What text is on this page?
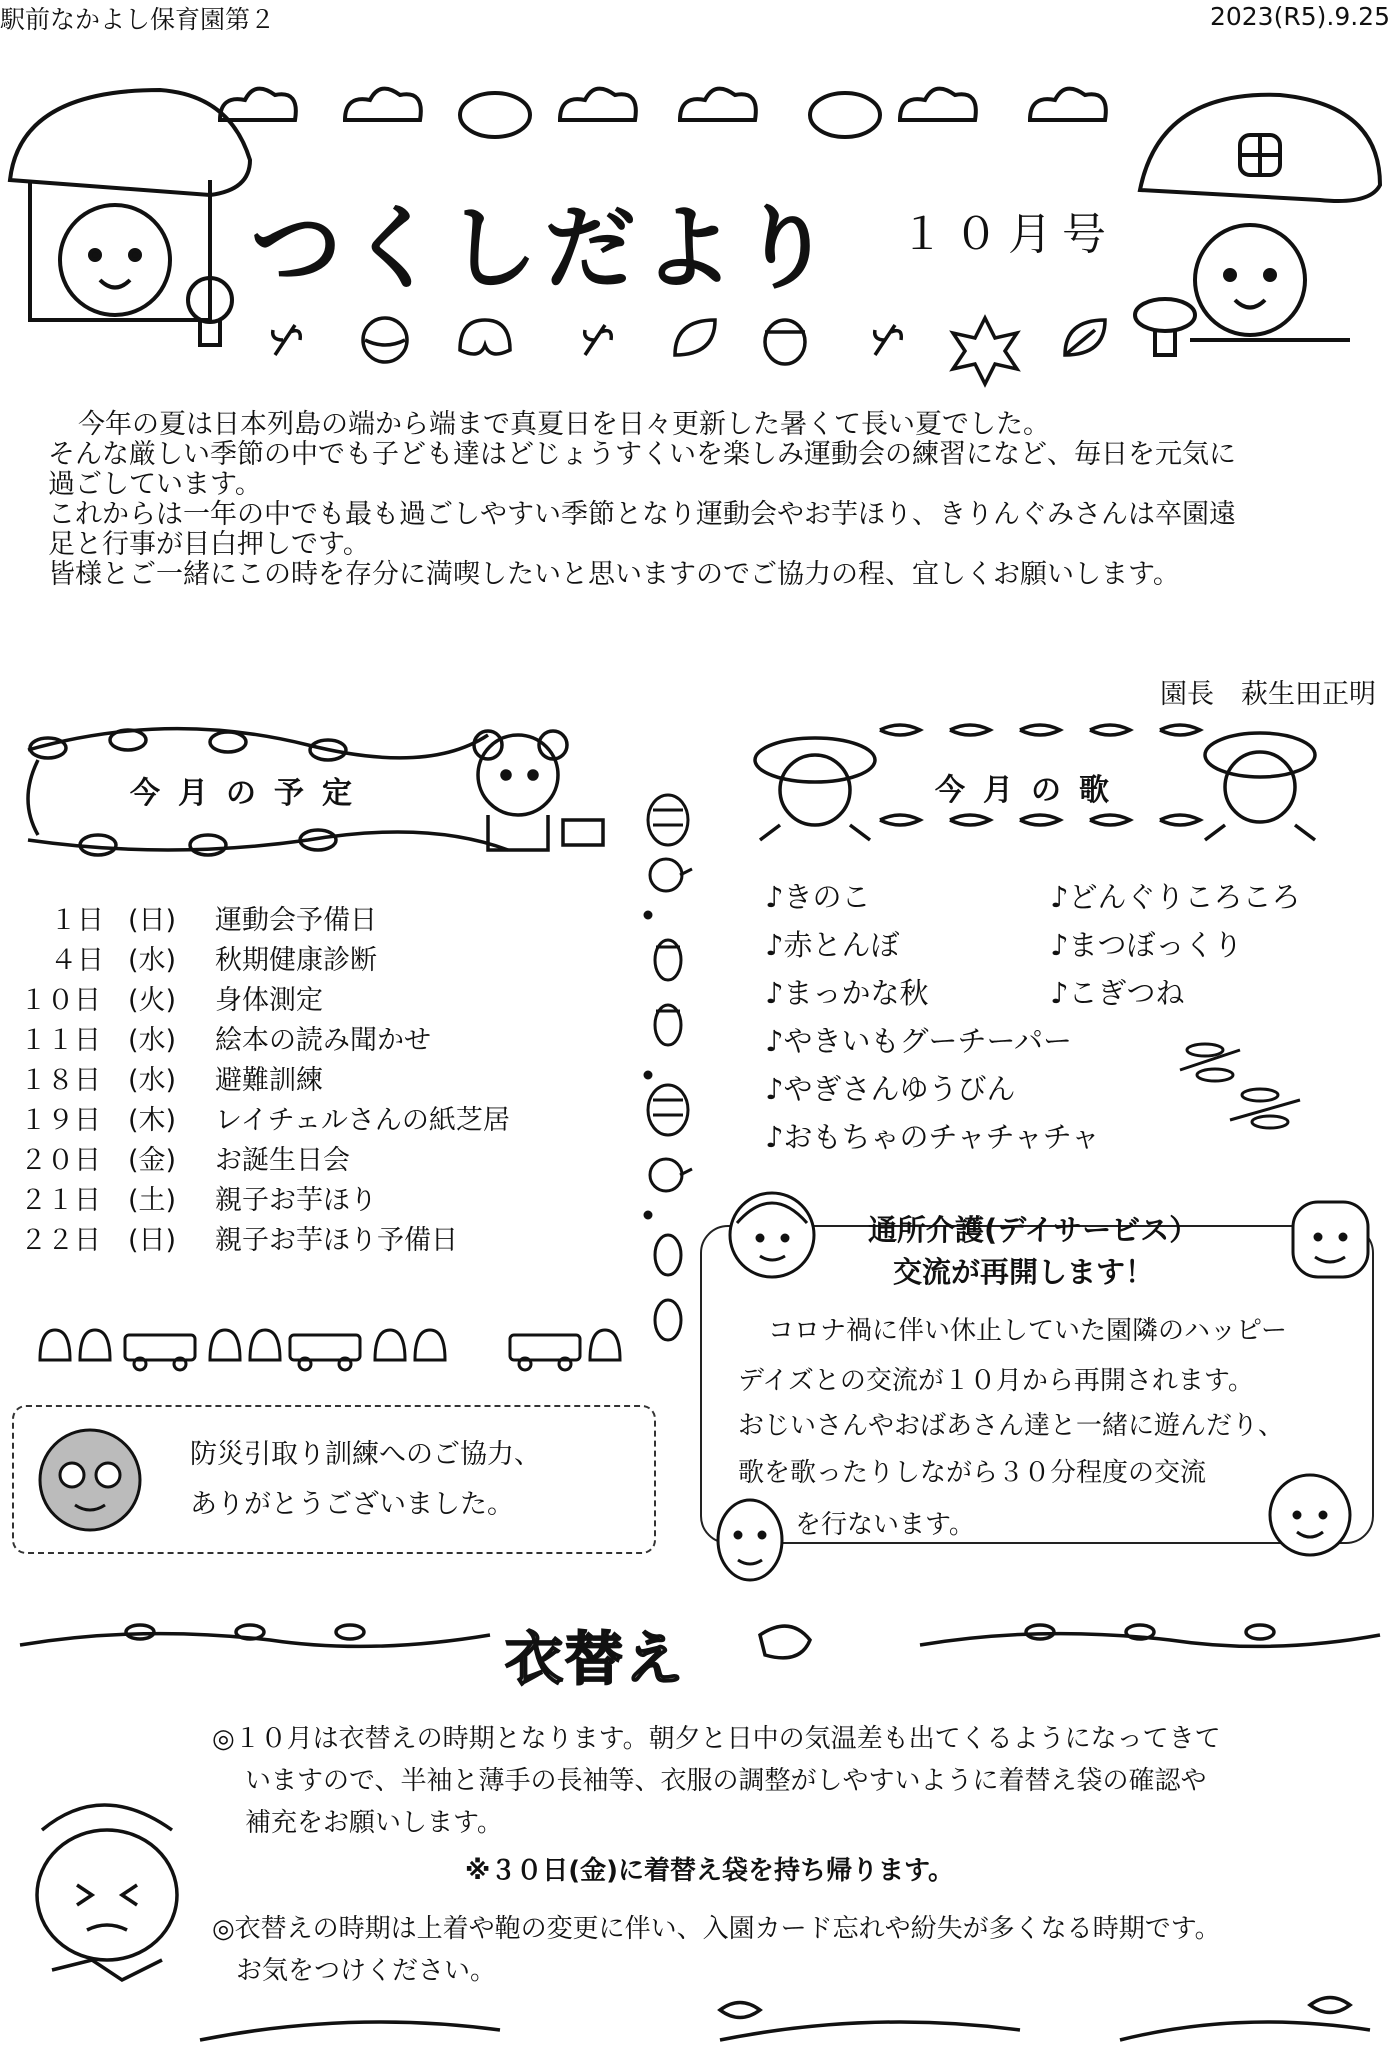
駅前なかよし保育園第２	2023(R5).9.25
つくしだより １０月号

今年の夏は日本列島の端から端まで真夏日を日々更新した暑くて長い夏でした。

そんな厳しい季節の中でも子ども達はどじょうすくいを楽しみ運動会の練習になど、毎日を元気に

過ごしています。

これからは一年の中でも最も過ごしやすい季節となり運動会やお芋ほり、きりんぐみさんは卒園遠

足と行事が目白押しです。

皆様とご一緒にこの時を存分に満喫したいと思いますのでご協力の程、宜しくお願いします。

園長　萩生田正明
今月の予定
１日 (日) 運動会予備日
４日 (水) 秋期健康診断
１０日 (火) 身体測定
１１日 (水) 絵本の読み聞かせ
１８日 (水) 避難訓練
１９日 (木) レイチェルさんの紙芝居
２０日 (金) お誕生日会
２１日 (土) 親子お芋ほり
２２日 (日) 親子お芋ほり予備日
今月の歌
♪きのこ
♪赤とんぼ
♪まっかな秋
♪やきいもグーチーパー
♪やぎさんゆうびん
♪おもちゃのチャチャチャ
♪どんぐりころころ
♪まつぼっくり
♪こぎつね
防災引取り訓練へのご協力、
ありがとうございました。
通所介護(デイサービス）
交流が再開します！
コロナ禍に伴い休止していた園隣のハッピー
デイズとの交流が１０月から再開されます。
おじいさんやおばあさん達と一緒に遊んだり、
歌を歌ったりしながら３０分程度の交流
を行ないます。
衣替え
◎１０月は衣替えの時期となります。朝夕と日中の気温差も出てくるようになってきて
いますので、半袖と薄手の長袖等、衣服の調整がしやすいように着替え袋の確認や
補充をお願いします。
※３０日(金)に着替え袋を持ち帰ります。
◎衣替えの時期は上着や鞄の変更に伴い、入園カード忘れや紛失が多くなる時期です。
お気をつけください。
